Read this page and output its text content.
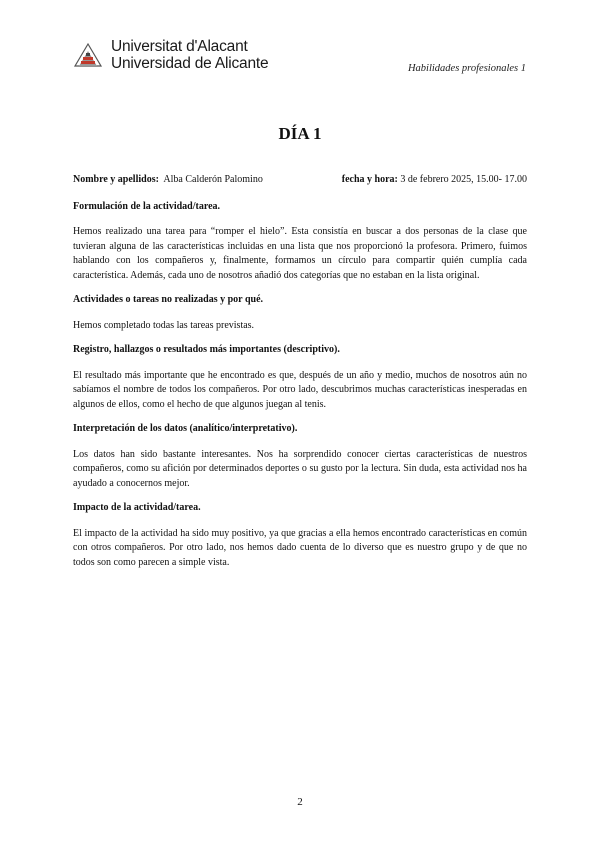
Universitat d'Alacant
Universidad de Alicante	Habilidades profesionales 1
DÍA 1
Nombre y apellidos: Alba Calderón Palomino	fecha y hora: 3 de febrero 2025, 15.00- 17.00

Formulación de la actividad/tarea.

Hemos realizado una tarea para “romper el hielo”. Esta consistía en buscar a dos personas de la clase que tuvieran alguna de las características incluidas en una lista que nos proporcionó la profesora. Primero, fuimos hablando con los compañeros y, finalmente, formamos un círculo para compartir quién cumplía cada característica. Además, cada uno de nosotros añadió dos categorías que no estaban en la lista original.

Actividades o tareas no realizadas y por qué.

Hemos completado todas las tareas previstas.

Registro, hallazgos o resultados más importantes (descriptivo).

El resultado más importante que he encontrado es que, después de un año y medio, muchos de nosotros aún no sabíamos el nombre de todos los compañeros. Por otro lado, descubrimos muchas características inesperadas en algunos de ellos, como el hecho de que algunos juegan al tenis.

Interpretación de los datos (analítico/interpretativo).

Los datos han sido bastante interesantes. Nos ha sorprendido conocer ciertas características de nuestros compañeros, como su afición por determinados deportes o su gusto por la lectura. Sin duda, esta actividad nos ha ayudado a conocernos mejor.

Impacto de la actividad/tarea.

El impacto de la actividad ha sido muy positivo, ya que gracias a ella hemos encontrado características en común con otros compañeros. Por otro lado, nos hemos dado cuenta de lo diverso que es nuestro grupo y de que no todos son como parecen a simple vista.

2
